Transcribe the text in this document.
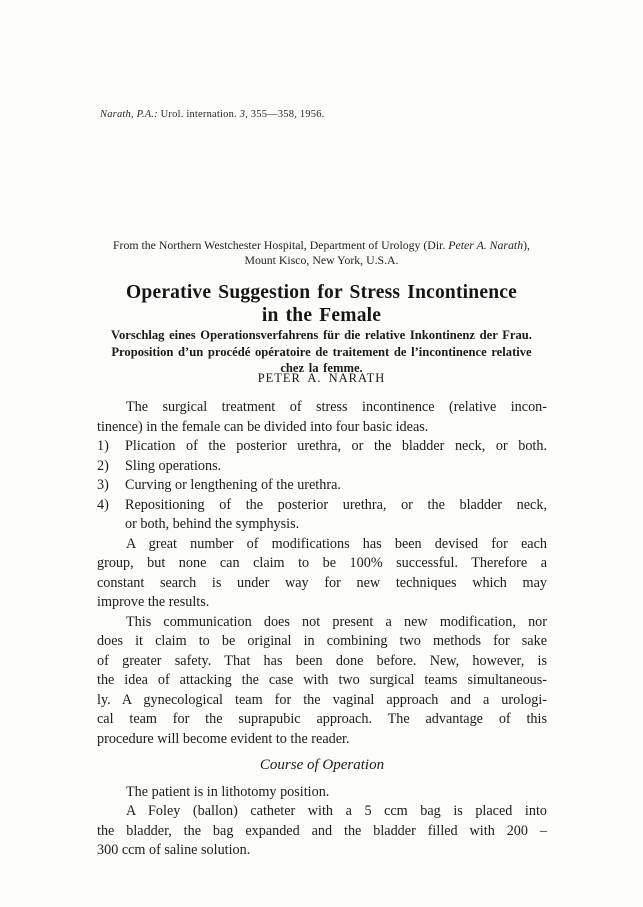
Narath, P.A.: Urol. internation. 3, 355—358, 1956.
From the Northern Westchester Hospital, Department of Urology (Dir. Peter A. Narath),
Mount Kisco, New York, U.S.A.
Operative Suggestion for Stress Incontinence
in the Female
Vorschlag eines Operationsverfahrens für die relative Inkontinenz der Frau.
Proposition d’un procédé opératoire de traitement de l’incontinence relative
chez la femme.
PETER A. NARATH
The surgical treatment of stress incontinence (relative incon-
tinence) in the female can be divided into four basic ideas.
1) Plication of the posterior urethra, or the bladder neck, or both.
2) Sling operations.
3) Curving or lengthening of the urethra.
4) Repositioning of the posterior urethra, or the bladder neck,
or both, behind the symphysis.
A great number of modifications has been devised for each
group, but none can claim to be 100% successful. Therefore a
constant search is under way for new techniques which may
improve the results.
This communication does not present a new modification, nor
does it claim to be original in combining two methods for sake
of greater safety. That has been done before. New, however, is
the idea of attacking the case with two surgical teams simultaneous-
ly. A gynecological team for the vaginal approach and a urologi-
cal team for the suprapubic approach. The advantage of this
procedure will become evident to the reader.
Course of Operation
The patient is in lithotomy position.
A Foley (ballon) catheter with a 5 ccm bag is placed into
the bladder, the bag expanded and the bladder filled with 200 –
300 ccm of saline solution.
